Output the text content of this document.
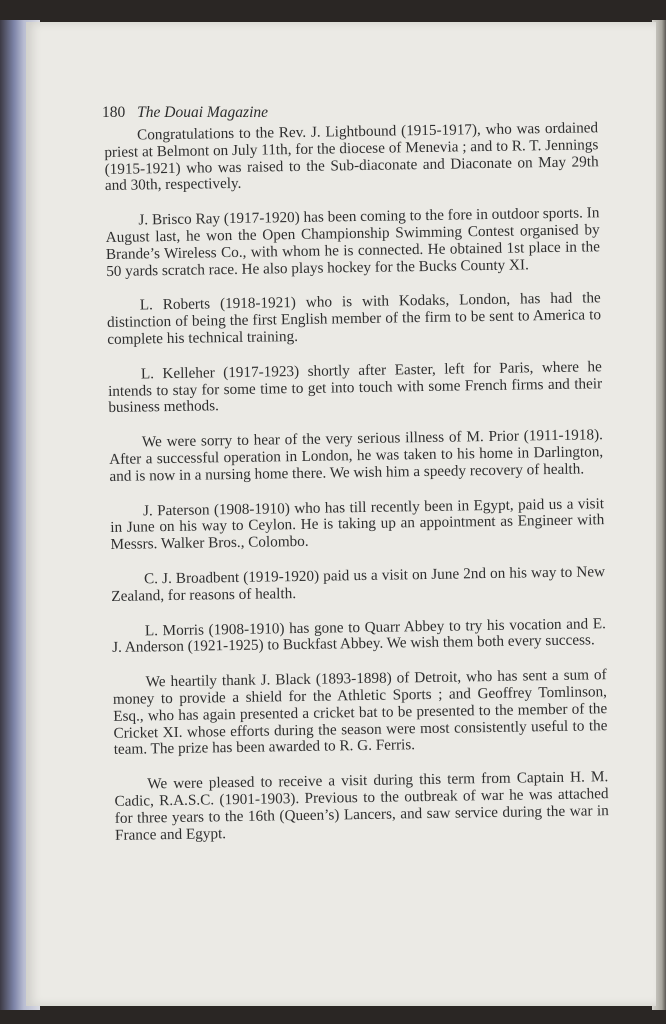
180 The Douai Magazine

Congratulations to the Rev. J. Lightbound (1915-1917), who was ordained priest at Belmont on July 11th, for the diocese of Menevia ; and to R. T. Jennings (1915-1921) who was raised to the Sub-diaconate and Diaconate on May 29th and 30th, respectively.

J. Brisco Ray (1917-1920) has been coming to the fore in outdoor sports. In August last, he won the Open Championship Swimming Contest organised by Brande’s Wireless Co., with whom he is connected. He obtained 1st place in the 50 yards scratch race. He also plays hockey for the Bucks County XI.

L. Roberts (1918-1921) who is with Kodaks, London, has had the distinction of being the first English member of the firm to be sent to America to complete his technical training.

L. Kelleher (1917-1923) shortly after Easter, left for Paris, where he intends to stay for some time to get into touch with some French firms and their business methods.

We were sorry to hear of the very serious illness of M. Prior (1911-1918). After a successful operation in London, he was taken to his home in Darlington, and is now in a nursing home there. We wish him a speedy recovery of health.

J. Paterson (1908-1910) who has till recently been in Egypt, paid us a visit in June on his way to Ceylon. He is taking up an appointment as Engineer with Messrs. Walker Bros., Colombo.

C. J. Broadbent (1919-1920) paid us a visit on June 2nd on his way to New Zealand, for reasons of health.

L. Morris (1908-1910) has gone to Quarr Abbey to try his vocation and E. J. Anderson (1921-1925) to Buckfast Abbey. We wish them both every success.

We heartily thank J. Black (1893-1898) of Detroit, who has sent a sum of money to provide a shield for the Athletic Sports ; and Geoffrey Tomlinson, Esq., who has again presented a cricket bat to be presented to the member of the Cricket XI. whose efforts during the season were most consistently useful to the team. The prize has been awarded to R. G. Ferris.

We were pleased to receive a visit during this term from Captain H. M. Cadic, R.A.S.C. (1901-1903). Previous to the outbreak of war he was attached for three years to the 16th (Queen’s) Lancers, and saw service during the war in France and Egypt.
